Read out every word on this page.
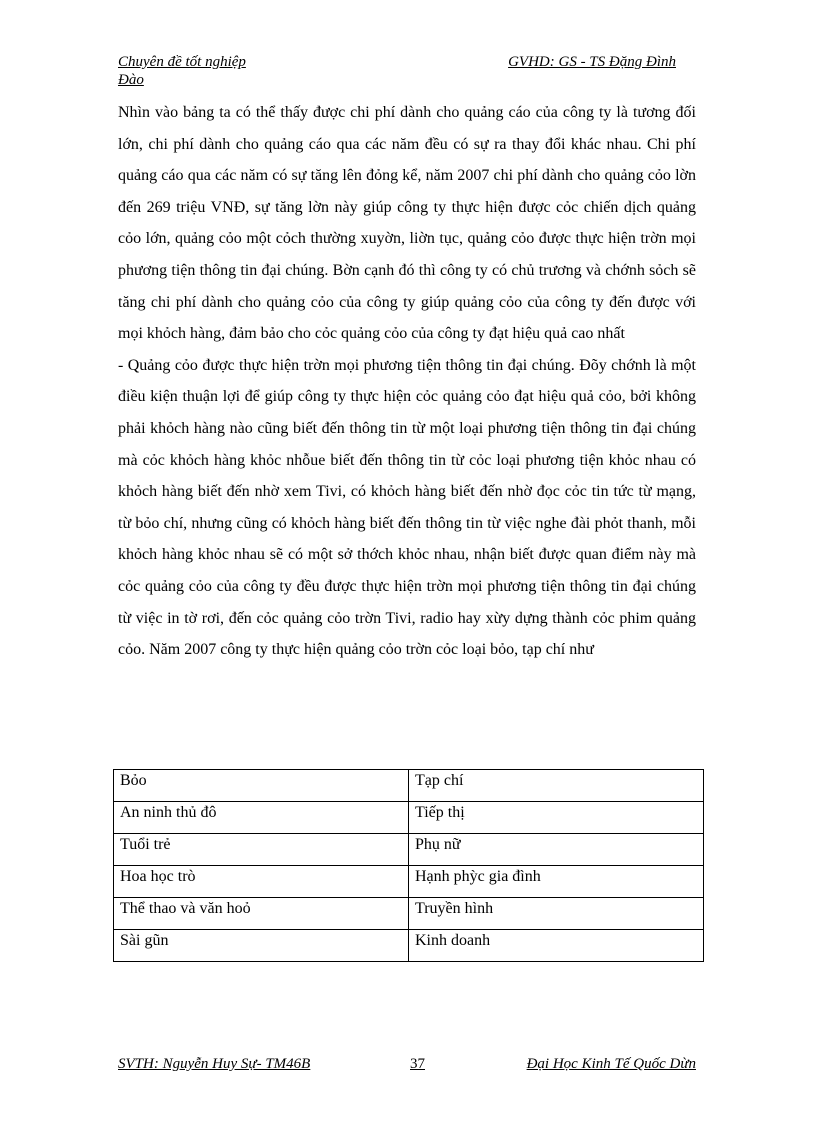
Chuyên đề tốt nghiệp	GVHD: GS - TS Đặng Đình
Đào

Nhìn vào bảng ta có thể thấy được chi phí dành cho quảng cáo của công ty là tương đối lớn, chi phí dành cho quảng cáo qua các năm đều có sự ra thay đổi khác nhau. Chi phí quảng cáo qua các năm có sự tăng lên đỏng kể, năm 2007 chi phí dành cho quảng cỏo lờn đến 269 triệu VNĐ, sự tăng lờn này giúp công ty thực hiện được cỏc chiến dịch quảng cỏo lớn, quảng cỏo một cỏch thường xuyờn, liờn tục, quảng cỏo được thực hiện trờn mọi phương tiện thông tin đại chúng. Bờn cạnh đó thì công ty có chủ trương và chớnh sỏch sẽ tăng chi phí dành cho quảng cỏo của công ty giúp quảng cỏo của công ty đến được với mọi khỏch hàng, đảm bảo cho cỏc quảng cỏo của công ty đạt hiệu quả cao nhất

- Quảng cỏo được thực hiện trờn mọi phương tiện thông tin đại chúng. Đõy chớnh là một điều kiện thuận lợi để giúp công ty thực hiện cỏc quảng cỏo đạt hiệu quả cỏo, bởi không phải khỏch hàng nào cũng biết đến thông tin từ một loại phương tiện thông tin đại chúng mà cỏc khỏch hàng khỏc nhỗue biết đến thông tin từ cỏc loại phương tiện khỏc nhau có khỏch hàng biết đến nhờ xem Tivi, có khỏch hàng biết đến nhờ đọc cỏc tin tức từ mạng, từ bỏo chí, nhưng cũng có khỏch hàng biết đến thông tin từ việc nghe đài phỏt thanh, mỗi khỏch hàng khỏc nhau sẽ có một sở thớch khỏc nhau, nhận biết được quan điểm này mà cỏc quảng cỏo của công ty đều được thực hiện trờn mọi phương tiện thông tin đại chúng từ việc in tờ rơi, đến cỏc quảng cỏo trờn Tivi, radio hay xừy dựng thành cỏc phim quảng cỏo. Năm 2007 công ty thực hiện quảng cỏo trờn cỏc loại bỏo, tạp chí như

Bỏo	Tạp chí
An ninh thủ đô	Tiếp thị
Tuổi trẻ	Phụ nữ
Hoa học trò	Hạnh phỳc gia đình
Thể thao và văn hoỏ	Truyền hình
Sài gũn	Kinh doanh
SVTH: Nguyễn Huy Sự- TM46B	37	Đại Học Kinh Tế Quốc Dừn
